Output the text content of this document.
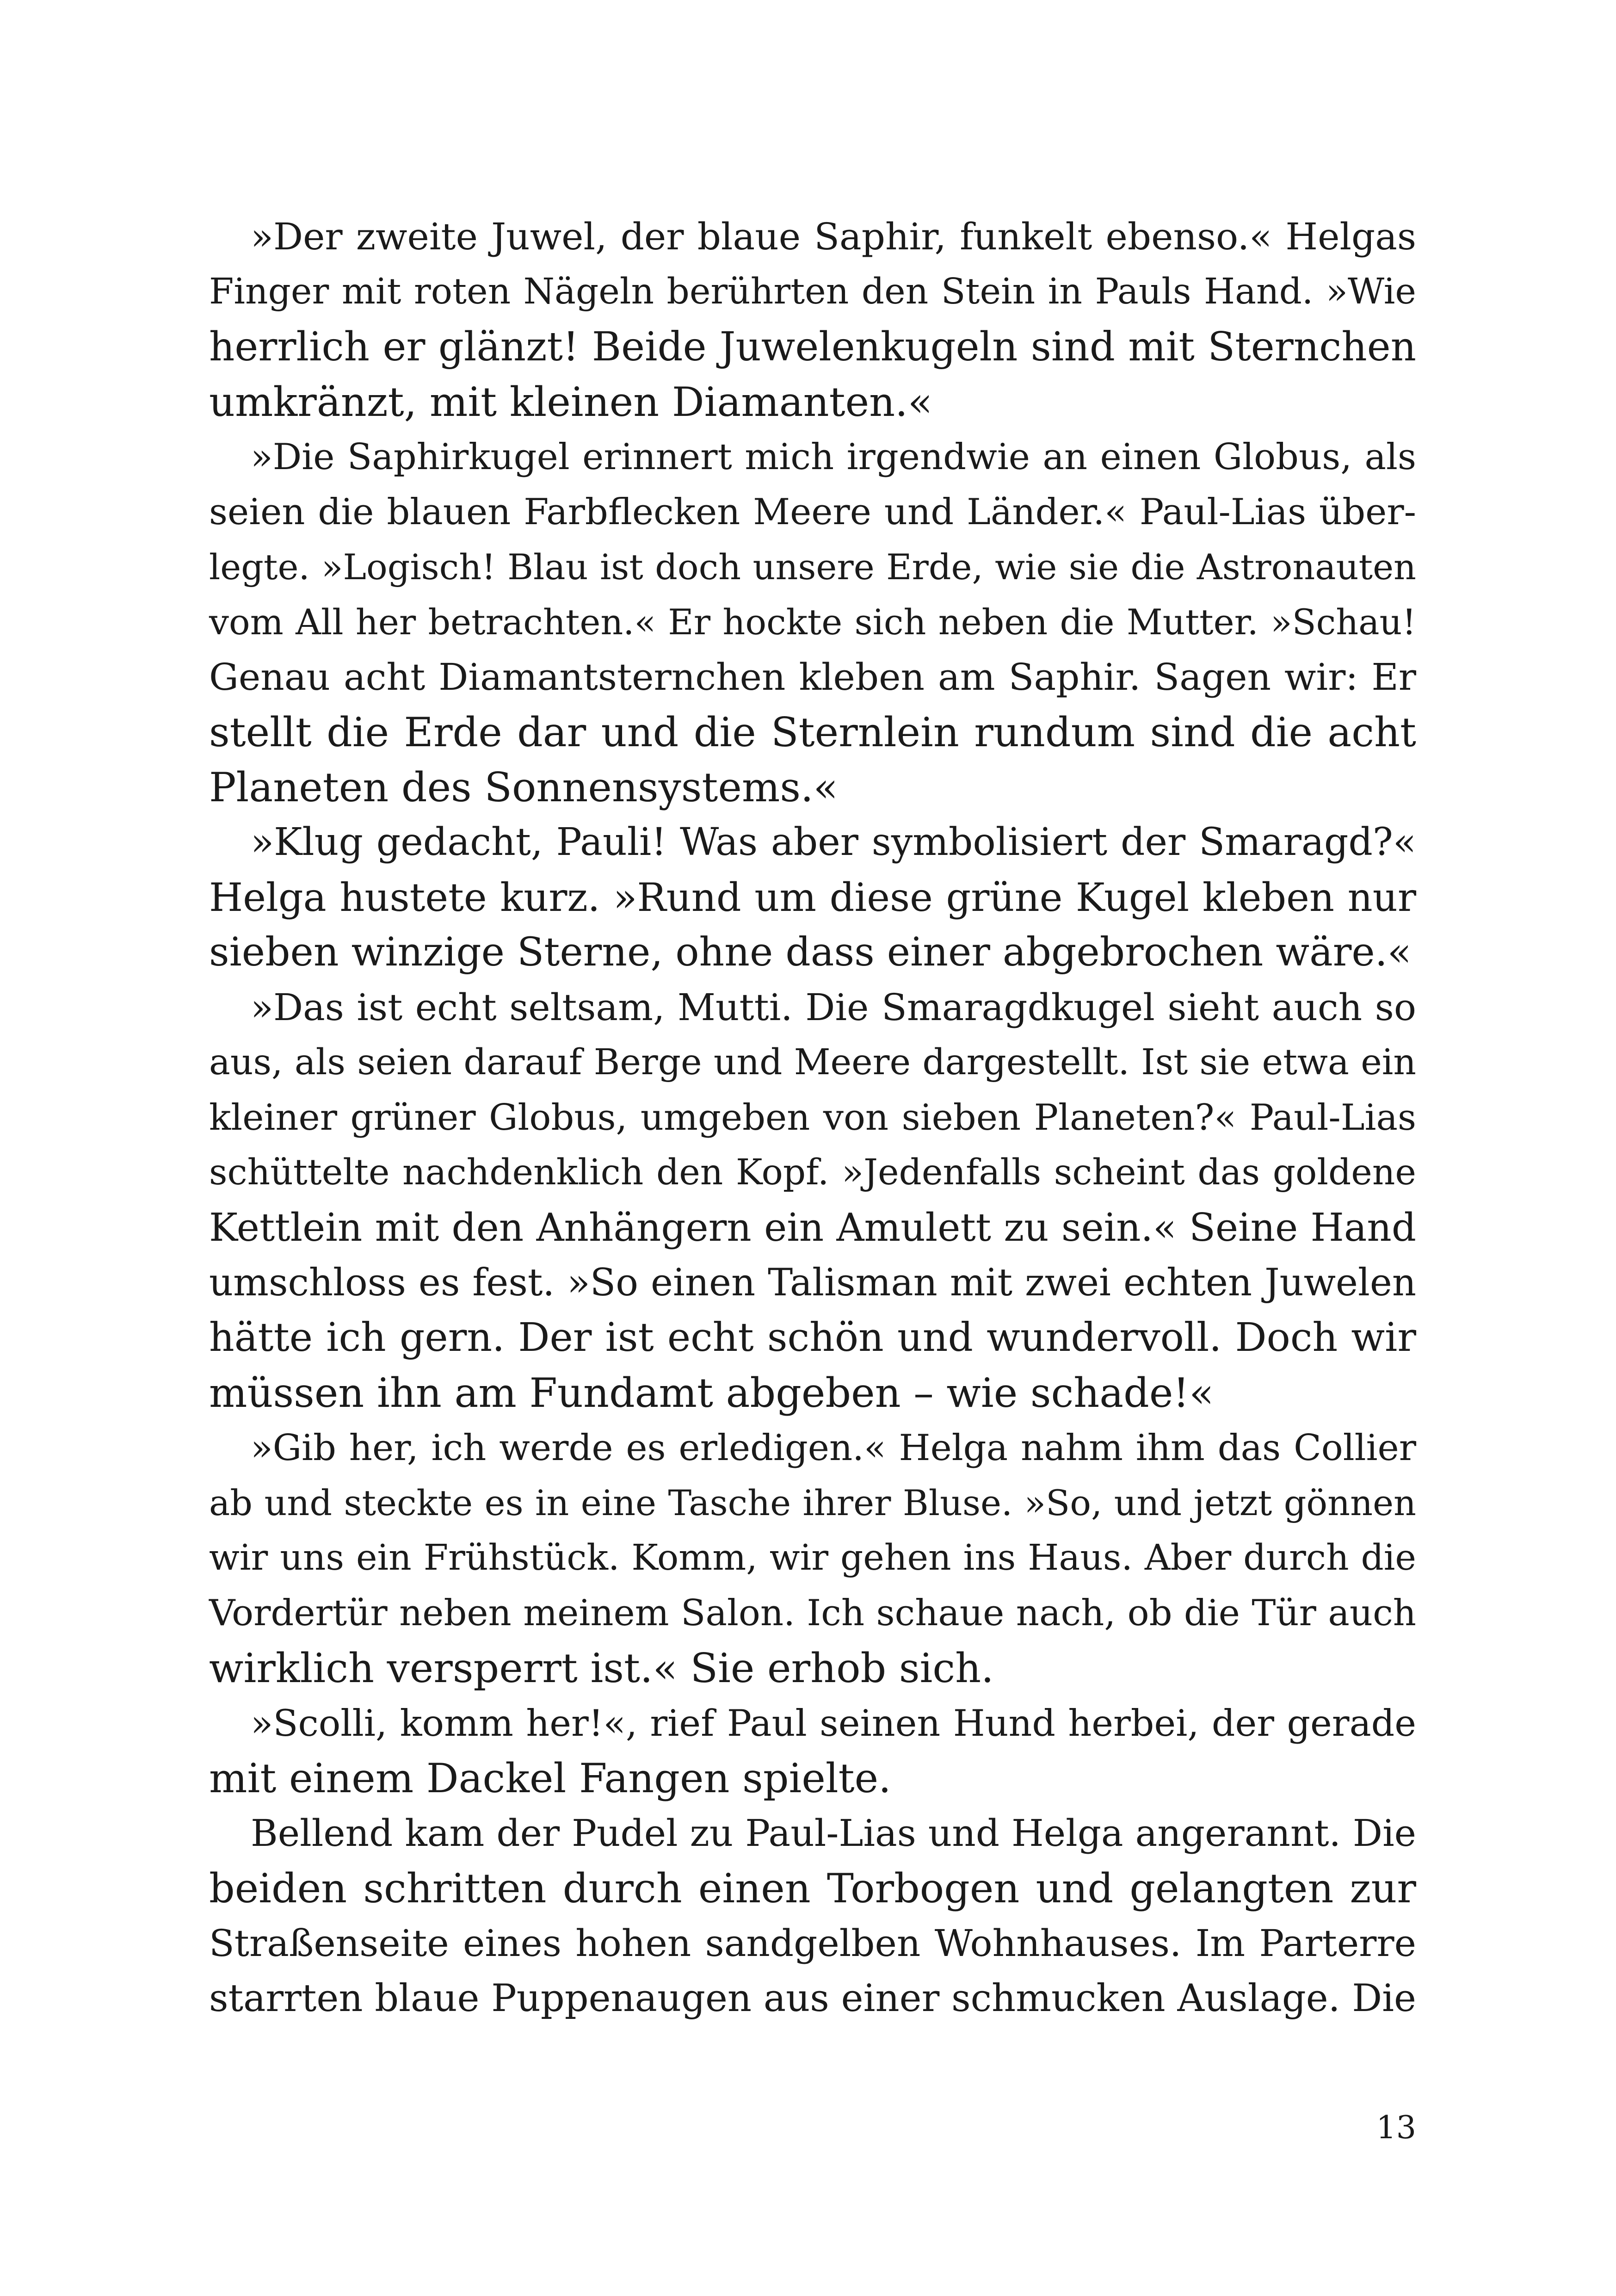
»Der zweite Juwel, der blaue Saphir, funkelt ebenso.« Helgas
Finger mit roten Nägeln berührten den Stein in Pauls Hand. »Wie
herrlich er glänzt! Beide Juwelenkugeln sind mit Sternchen
umkränzt, mit kleinen Diamanten.«
»Die Saphirkugel erinnert mich irgendwie an einen Globus, als
seien die blauen Farbflecken Meere und Länder.« Paul-Lias über-
legte. »Logisch! Blau ist doch unsere Erde, wie sie die Astronauten
vom All her betrachten.« Er hockte sich neben die Mutter. »Schau!
Genau acht Diamantsternchen kleben am Saphir. Sagen wir: Er
stellt die Erde dar und die Sternlein rundum sind die acht
Planeten des Sonnensystems.«
»Klug gedacht, Pauli! Was aber symbolisiert der Smaragd?«
Helga hustete kurz. »Rund um diese grüne Kugel kleben nur
sieben winzige Sterne, ohne dass einer abgebrochen wäre.«
»Das ist echt seltsam, Mutti. Die Smaragdkugel sieht auch so
aus, als seien darauf Berge und Meere dargestellt. Ist sie etwa ein
kleiner grüner Globus, umgeben von sieben Planeten?« Paul-Lias
schüttelte nachdenklich den Kopf. »Jedenfalls scheint das goldene
Kettlein mit den Anhängern ein Amulett zu sein.« Seine Hand
umschloss es fest. »So einen Talisman mit zwei echten Juwelen
hätte ich gern. Der ist echt schön und wundervoll. Doch wir
müssen ihn am Fundamt abgeben – wie schade!«
»Gib her, ich werde es erledigen.« Helga nahm ihm das Collier
ab und steckte es in eine Tasche ihrer Bluse. »So, und jetzt gönnen
wir uns ein Frühstück. Komm, wir gehen ins Haus. Aber durch die
Vordertür neben meinem Salon. Ich schaue nach, ob die Tür auch
wirklich versperrt ist.« Sie erhob sich.
»Scolli, komm her!«, rief Paul seinen Hund herbei, der gerade
mit einem Dackel Fangen spielte.
Bellend kam der Pudel zu Paul-Lias und Helga angerannt. Die
beiden schritten durch einen Torbogen und gelangten zur
Straßenseite eines hohen sandgelben Wohnhauses. Im Parterre
starrten blaue Puppenaugen aus einer schmucken Auslage. Die
13
